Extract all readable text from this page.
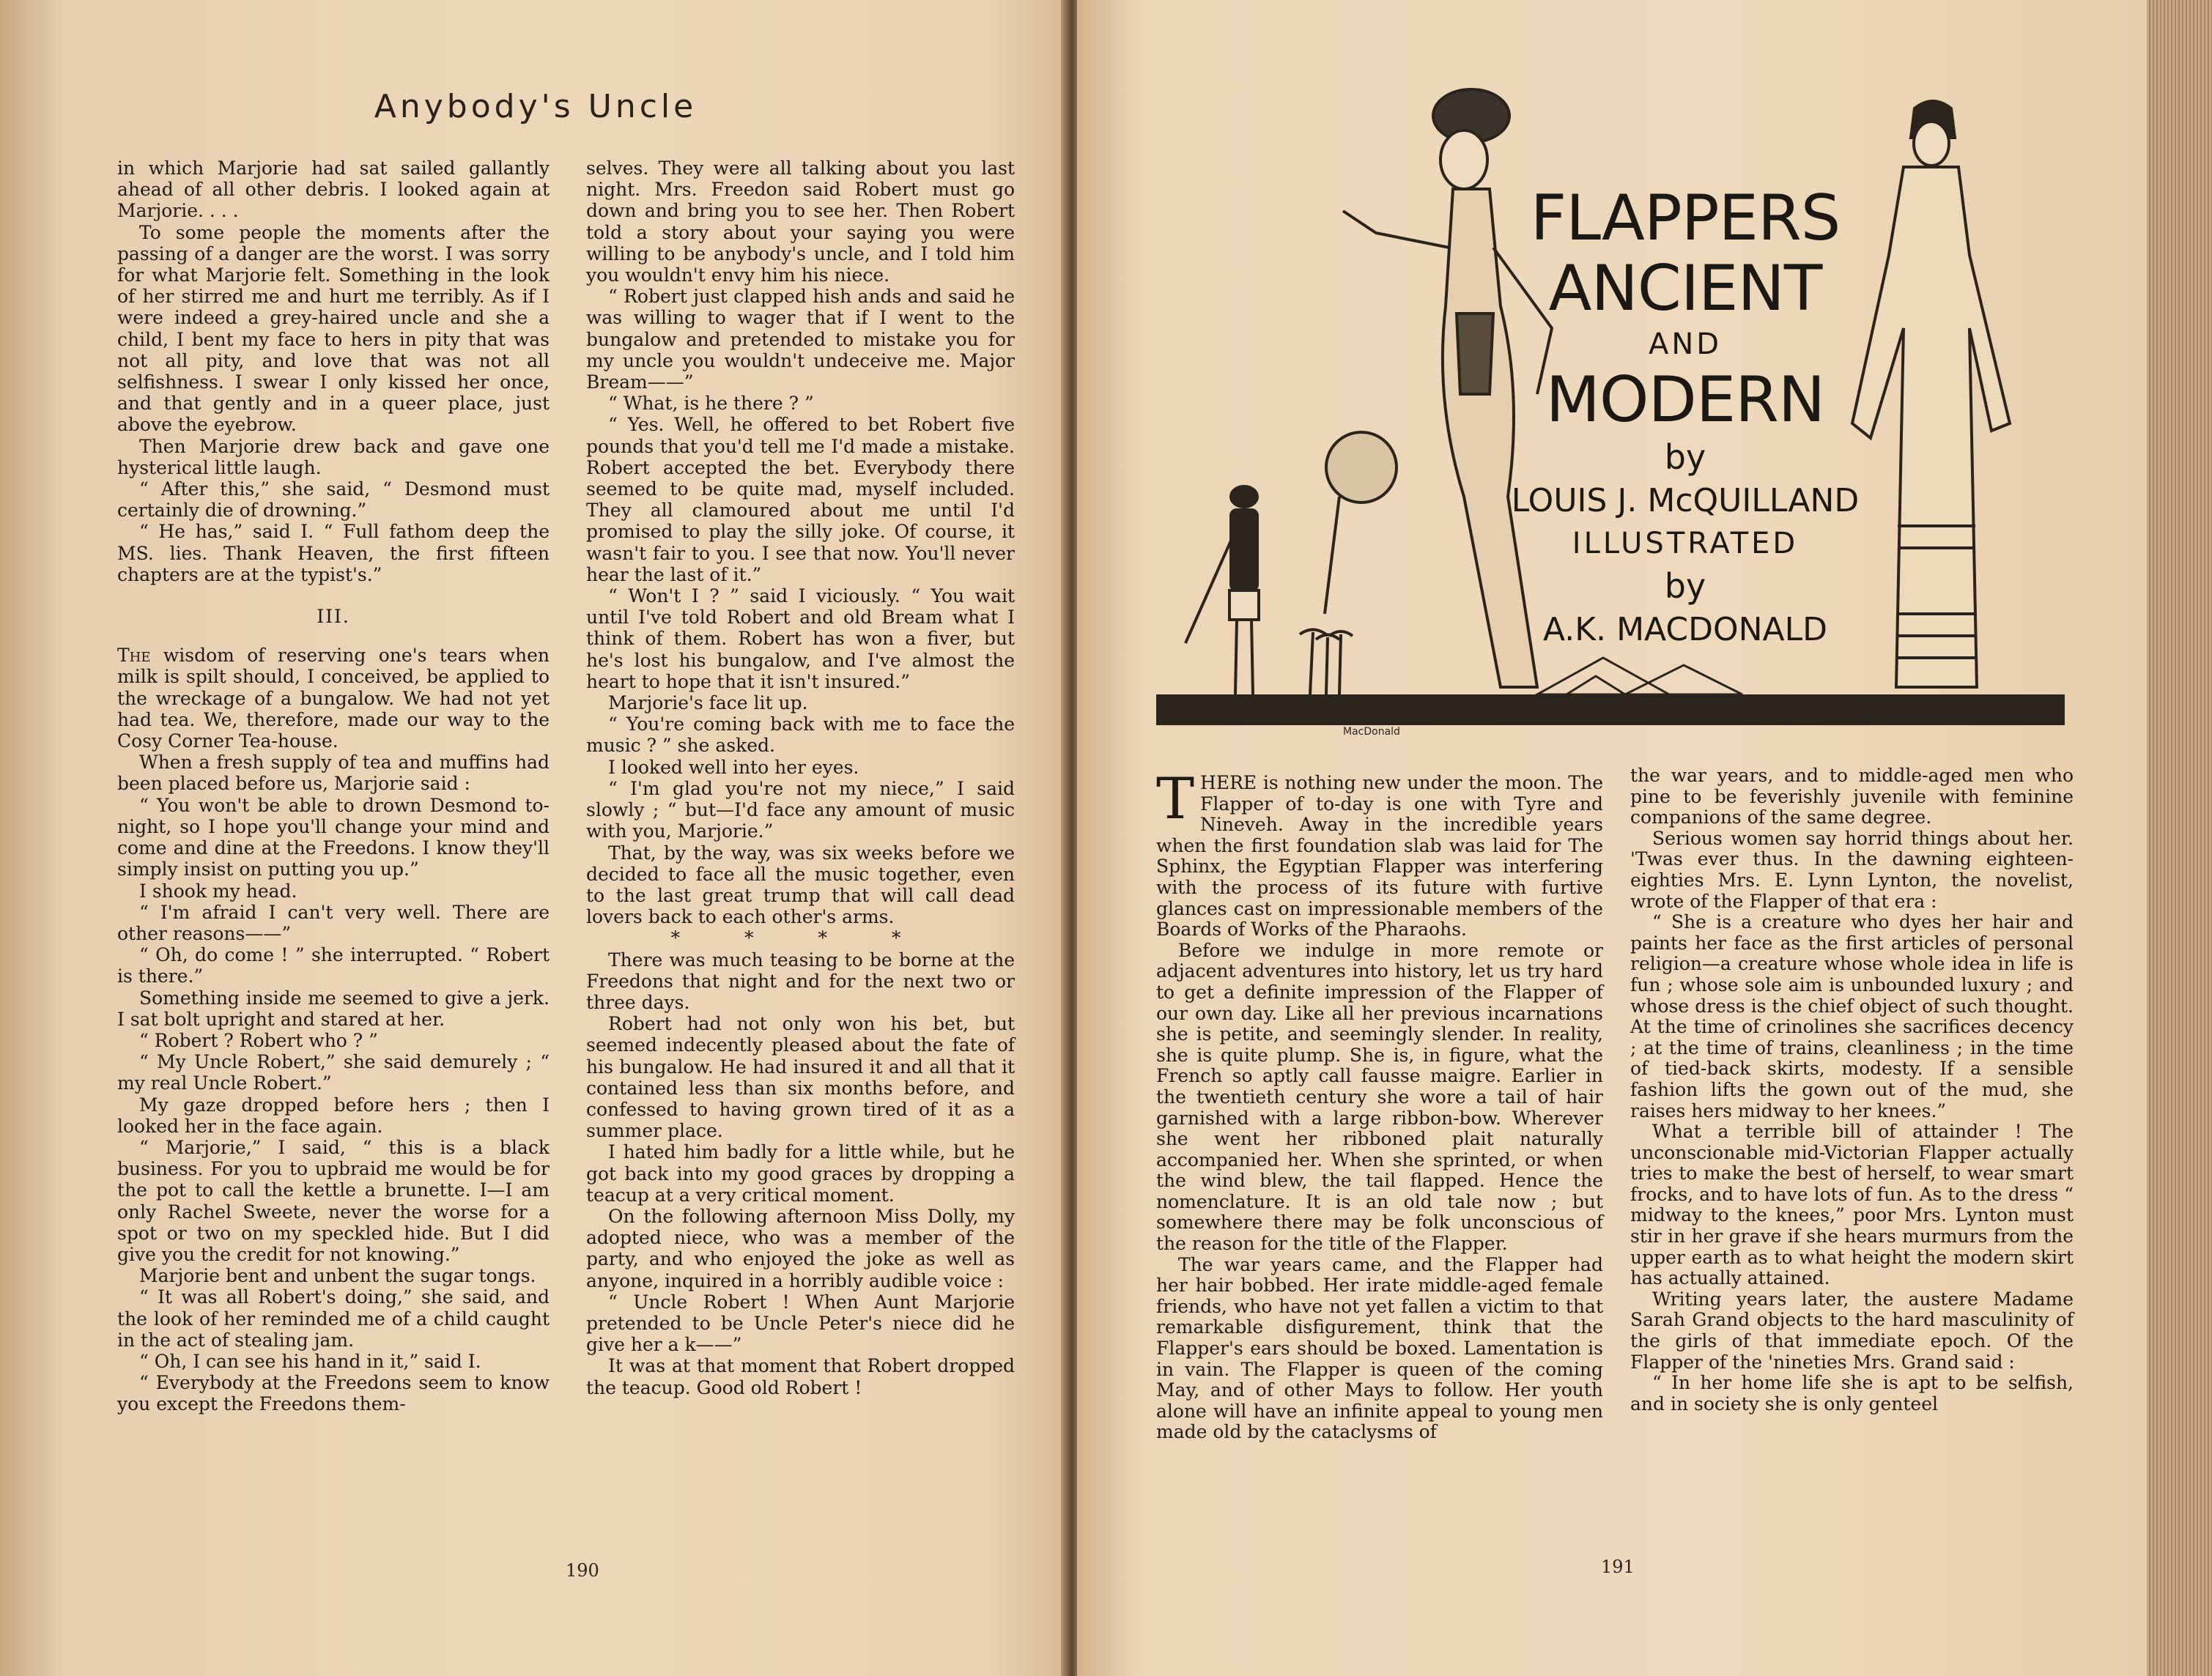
Anybody's Uncle

in which Marjorie had sat sailed gallantly ahead of all other debris. I looked again at Marjorie. . . .

To some people the moments after the passing of a danger are the worst. I was sorry for what Marjorie felt. Something in the look of her stirred me and hurt me terribly. As if I were indeed a grey-haired uncle and she a child, I bent my face to hers in pity that was not all pity, and love that was not all selfishness. I swear I only kissed her once, and that gently and in a queer place, just above the eyebrow.

Then Marjorie drew back and gave one hysterical little laugh.

“ After this,” she said, “ Desmond must certainly die of drowning.”

“ He has,” said I. “ Full fathom deep the MS. lies. Thank Heaven, the first fifteen chapters are at the typist's.”

III.

The wisdom of reserving one's tears when milk is spilt should, I conceived, be applied to the wreckage of a bungalow. We had not yet had tea. We, therefore, made our way to the Cosy Corner Tea-house.

When a fresh supply of tea and muffins had been placed before us, Marjorie said :

“ You won't be able to drown Desmond to-night, so I hope you'll change your mind and come and dine at the Freedons. I know they'll simply insist on putting you up.”

I shook my head.

“ I'm afraid I can't very well. There are other reasons——”

“ Oh, do come ! ” she interrupted. “ Robert is there.”

Something inside me seemed to give a jerk. I sat bolt upright and stared at her.

“ Robert ? Robert who ? ”

“ My Uncle Robert,” she said demurely ; “ my real Uncle Robert.”

My gaze dropped before hers ; then I looked her in the face again.

“ Marjorie,” I said, “ this is a black business. For you to upbraid me would be for the pot to call the kettle a brunette. I—I am only Rachel Sweete, never the worse for a spot or two on my speckled hide. But I did give you the credit for not knowing.”

Marjorie bent and unbent the sugar tongs.

“ It was all Robert's doing,” she said, and the look of her reminded me of a child caught in the act of stealing jam.

“ Oh, I can see his hand in it,” said I.

“ Everybody at the Freedons seem to know you except the Freedons them-

selves. They were all talking about you last night. Mrs. Freedon said Robert must go down and bring you to see her. Then Robert told a story about your saying you were willing to be anybody's uncle, and I told him you wouldn't envy him his niece.

“ Robert just clapped hish ands and said he was willing to wager that if I went to the bungalow and pretended to mistake you for my uncle you wouldn't undeceive me. Major Bream——”

“ What, is he there ? ”

“ Yes. Well, he offered to bet Robert five pounds that you'd tell me I'd made a mistake. Robert accepted the bet. Everybody there seemed to be quite mad, myself included. They all clamoured about me until I'd promised to play the silly joke. Of course, it wasn't fair to you. I see that now. You'll never hear the last of it.”

“ Won't I ? ” said I viciously. “ You wait until I've told Robert and old Bream what I think of them. Robert has won a fiver, but he's lost his bungalow, and I've almost the heart to hope that it isn't insured.”

Marjorie's face lit up.

“ You're coming back with me to face the music ? ” she asked.

I looked well into her eyes.

“ I'm glad you're not my niece,” I said slowly ; “ but—I'd face any amount of music with you, Marjorie.”

That, by the way, was six weeks before we decided to face all the music together, even to the last great trump that will call dead lovers back to each other's arms.

* * * *

There was much teasing to be borne at the Freedons that night and for the next two or three days.

Robert had not only won his bet, but seemed indecently pleased about the fate of his bungalow. He had insured it and all that it contained less than six months before, and confessed to having grown tired of it as a summer place.

I hated him badly for a little while, but he got back into my good graces by dropping a teacup at a very critical moment.

On the following afternoon Miss Dolly, my adopted niece, who was a member of the party, and who enjoyed the joke as well as anyone, inquired in a horribly audible voice :

“ Uncle Robert ! When Aunt Marjorie pretended to be Uncle Peter's niece did he give her a k——”

It was at that moment that Robert dropped the teacup. Good old Robert !

190
MacDonald
FLAPPERS
ANCIENT
AND
MODERN
by
LOUIS J. McQUILLAND
ILLUSTRATED
by
A.K. MACDONALD

THERE is nothing new under the moon. The Flapper of to-day is one with Tyre and Nineveh. Away in the incredible years when the first foundation slab was laid for The Sphinx, the Egyptian Flapper was interfering with the process of its future with furtive glances cast on impressionable members of the Boards of Works of the Pharaohs.

Before we indulge in more remote or adjacent adventures into history, let us try hard to get a definite impression of the Flapper of our own day. Like all her previous incarnations she is petite, and seemingly slender. In reality, she is quite plump. She is, in figure, what the French so aptly call fausse maigre. Earlier in the twentieth century she wore a tail of hair garnished with a large ribbon-bow. Wherever she went her ribboned plait naturally accompanied her. When she sprinted, or when the wind blew, the tail flapped. Hence the nomenclature. It is an old tale now ; but somewhere there may be folk unconscious of the reason for the title of the Flapper.

The war years came, and the Flapper had her hair bobbed. Her irate middle-aged female friends, who have not yet fallen a victim to that remarkable disfigurement, think that the Flapper's ears should be boxed. Lamentation is in vain. The Flapper is queen of the coming May, and of other Mays to follow. Her youth alone will have an infinite appeal to young men made old by the cataclysms of

the war years, and to middle-aged men who pine to be feverishly juvenile with feminine companions of the same degree.

Serious women say horrid things about her. 'Twas ever thus. In the dawning eighteen-eighties Mrs. E. Lynn Lynton, the novelist, wrote of the Flapper of that era :

“ She is a creature who dyes her hair and paints her face as the first articles of personal religion—a creature whose whole idea in life is fun ; whose sole aim is unbounded luxury ; and whose dress is the chief object of such thought. At the time of crinolines she sacrifices decency ; at the time of trains, cleanliness ; in the time of tied-back skirts, modesty. If a sensible fashion lifts the gown out of the mud, she raises hers midway to her knees.”

What a terrible bill of attainder ! The unconscionable mid-Victorian Flapper actually tries to make the best of herself, to wear smart frocks, and to have lots of fun. As to the dress “ midway to the knees,” poor Mrs. Lynton must stir in her grave if she hears murmurs from the upper earth as to what height the modern skirt has actually attained.

Writing years later, the austere Madame Sarah Grand objects to the hard masculinity of the girls of that immediate epoch. Of the Flapper of the 'nineties Mrs. Grand said :

“ In her home life she is apt to be selfish, and in society she is only genteel

191
